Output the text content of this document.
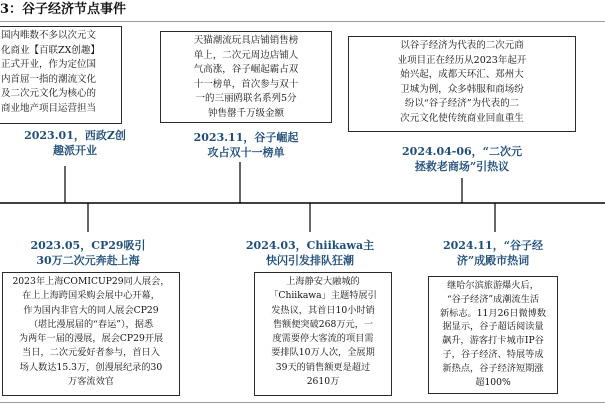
3：谷子经济节点事件
国内唯数不多以次元文
化商业【百联ZX创趣】
正式开业，作为定位国
内首屈一指的潮流文化
及二次元文化为核心的
商业地产项目运营担当
2023.01，西政Z创
趣派开业
天猫潮流玩具店铺销售榜
单上，二次元周边店铺人
气高涨，谷子崛起霸占双
十一榜单，首次参与双十
一的三丽鸥联名系列5分
钟售罄千万级金额
2023.11，谷子崛起
攻占双十一榜单
以谷子经济为代表的二次元商
业项目正在经历从2023年起开
始兴起，成都天环汇、郑州大
卫城为例，众多韩服和商场纷
纷以“谷子经济”为代表的二
次元文化使传统商业回血重生
2024.04-06，“二次元
拯救老商场”引热议
2023.05，CP29吸引
30万二次元奔赴上海
2023年上海COMICUP29同人展会，
在上上海跨国采购会展中心开幕，
作为国内非官大的同人展会CP29
（堪比漫展届的“春运”），据悉
为两年一届的漫展，展会CP29开展
当日，二次元爱好者参与，首日入
场人数达15.3万，创漫展纪录的30
万客流效官
2024.03，Chiikawa主
快闪引发排队狂潮
上海静安大融城的
「Chiikawa」主题特展引
发热议，其首日10小时销
售额便突破268万元，一
度需要停大客流的项目需
要排队10万人次，全展期
39天的销售额更是超过
2610万
2024.11，“谷子经
济”成殿市热词
继哈尔滨旅游爆火后，
“谷子经济”成潮流生活
新标志。11月26日微博数
据显示，谷子超话阅读量
飙升，游客打卡城市IP谷
子，谷子经济、特展等成
新热点，谷子经济短期涨
超100%
